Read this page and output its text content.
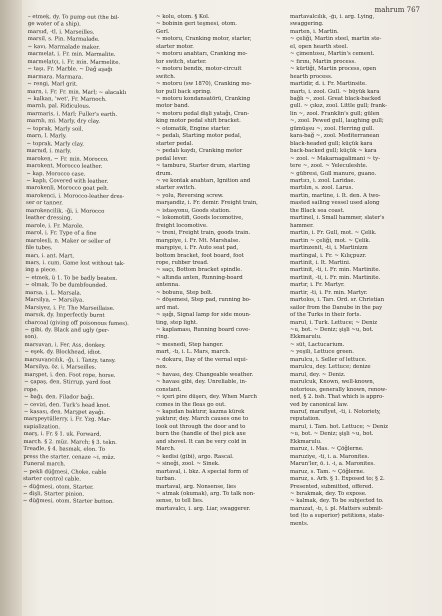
mahrum 767
– etmek, dy. To pump out (the bil-
ge water of a ship).
marsıd, -tl, i. Marseilles.
marsil, s. Pin. Marmalade.
~ kavı, Marmalade maker.
marmelat, i. Fr. min. Marmalite.
marmelatçı, i. Fr. min. Marmelite.
~ taşı, Fr. Marble. ~ Dağ aşağı
marmara. Marmara.
~ rengi, Marl grit.
marn, i. Fr. Fr. min. Marl; ~ alacaklı
~ kalkan, 'wet', Fr. Marnoch.
marnlı, pal. Ridiculous.
marmaris, i. Marl; Fuller's earth.
marnlı, mi. Marly, dry clay.
~ toprak, Marly soil.
marn, l. Marly.
~ toprak, Marly clay.
marnıd, i. marly.
maroken, ~ Fr. min. Morocco.
marokent, Morocco leather.
~ kap, Morocco case.
~ kaplı, Covered with leather.
marokenli, Morocco goat pelt.
marokenci, i. Morocco-leather dres-
ser or tanner.
marokencilik, -ği, i. Morocco
leather dressing.
marole, i. Fr. Marole.
marol, i. Fr. Type of a fine
marolesli, n. Maker or seller of
file tubes.
marı, i. ant. Mart.
mars, i. cum. Game lost without tak-
ing a piece.
~ etmek, ü 1. To be badly beaten.
~ olmak, To be dumbfounded.
marsa, i. L. Marsala.
Marsilya, ~ Marsilya.
Marsiyez, i. Fr. The Marseillaise.
marsık, dy. Imperfectly burnt
charcoal (giving off poisonous fumes).
~ gibi, dy. Black and ugly (per-
son).
marsuvan, i. Fer. Ass, donkey.
~ eşek, dy. Blockhead, idiot.
marsuvancılık, -ğı, i. Tanzy, tansy.
Marsilya, öz. i. Marseilles.
marşpet, i. den. Foot rope, horse.
~ çapaş, den. Stirrup, yard foot
rope.
~ bağı, den. Filador bağı.
~ cevizi, den. Turk's head knot.
~ kasası, den. Marşpet ayağı.
marşpeytüllerry, i. Fr. Yzg. Mar-
supialization.
marş, i. Fr. § 1. uk. Forward,
march. § 2. müz. March; § 3. tekn.
Treadle, § 4. basmak, elon. To
press the starter. cenaze ~i, müz.
Funeral march.
~ pekli düğmesi, Choke, cable
starter control cable.
~ düğmesi, otom. Starter.
~ dişli, Starter pinion.
~ düğmesi, otom. Starter button.
~ kolu, otom. § Kol.
~ bobinin geri teşmesi, otom.
Gerl.
~ motoru, Cranking motor, starter,
starter motor.
~ motoru anahtarı, Cranking mo-
tor switch, starter.
~ motoru bendix, motor-circuit
switch.
~ motoru (sw 1870), Cranking mo-
tor pull back spring.
~ motoru kondansatörü, Cranking
motor band.
~ motoru pedal dişli yatağı, Cran-
king motor pedal shift bracket.
~ otomatik, Engine starter.
~ pedalı, Starting motor pedal,
starter pedal.
~ pedalı kaydı, Cranking motor
pedal lever.
~ tamburu, Starter drum, starting
drum.
~ ve kontak anahtarı, Ignition and
starter switch.
~ yolu, Reversing screw.
marşandiz, i. Fr. demir. Freight train,
~ istasyonu, Goods station.
~ lokomotifi, Goods locomotive,
freight locomotive.
~ treni, Freight train, goods train.
marşpiye, i. Fr. Mt. Marshalse.
marşpiye, i. Fr. Auto seat pad,
bottom bracket, foot board, foot
rope, rubber tread.
~ saçı, Bottom bracket spindle.
~ altında anten, Running-board
antenna.
~ bobunu, Step bolt.
~ döşemesi, Step pad, running bo-
ard mat.
~ ışığı, Signal lamp for side moun-
ting, step light.
~ kaplaması, Running board cove-
ring.
~ mesnedi, Step hanger.
mart, -tı, i. L. Mars, march.
~ dokuru, Day of the vernal equi-
nox.
~ havası, dey. Changeable weather.
~ havası gibi, dey. Unreliable, in-
constant.
~ içeri pire düşerı, dey. When March
comes in the fleas go out.
~ kapıdan baktırır, kazma kürek
yaktırır, dey. March causes one to
look out through the door and to
burn the (handle of the) pick axe
and shovel. It can be very cold in
March.
~ kedisi (gibi), argo. Rascal.
~ sineği, zool. ~ Sinek.
martaval, i. bkz. A special form of
turban.
martaval, arg. Nonsense, lies
~ atmak (okumak), arg. To talk non-
sense, to tell lies.
martavalcı, i. arg. Liar, swaggerer.
martavalcılık, -ğı, i. arg. Lying,
swaggering.
marten, i. Martin.
~ çeliği, Martin steel, martin ste-
el, open hearth steel.
~ çimentosu, Martin's cement.
~ fırını, Martin process.
~ kürtiği, Martin process, open
hearth process.
martidir, d. i. Fr. Martinsite.
martı, i. zool. Gull. ~ büyük kara
bağlı ~, zool. Great black-backed
gull. ~ çıkız, zool. Little gull; frank-
lin ~, zool. Franklin's gull; gülen
~, zool. Pewed gull, laughing gull;
gümüşsu ~, zool. Herring gull.
kara-bağ ~, zool. Mediterranean
black-headed gull; küçük kara
back-backed gull; küçük ~ kara
~ zool. ~ Makarnagalimani ~ ty-
tere ~, zool. ~ Yeleculeshte.
~ gübresi, Gull manure, guano.
martıcı, i. zool. Laridae.
martılın, s. zool. Larus.
martin, martine, i. It. den. A two-
masted sailing vessel used along
the Black sea coast.
martinel, i. Small hammer, slater's
hammer.
martin, i. Fr. Gull, mot. ~ Çelik.
martin ~ çeliği, mot. ~ Çelik.
martinzenit, -ti, i. Martinizm
martingal, i. Fr. ~ Kılıçpuzr.
martinit, i. It. Martini.
martinit, -ti, i. Fr. min. Martinite.
martinit, -ti, i. Fr. min. Martinite.
martır, i. Fr. Martyr.
martir, -ti, i. Fr. min. Martyr.
martolos, i. Tarı. Ord. sr. Christian
sailor from the Danube in the pay
of the Turks in their forts.
marul, i. Turk. Lettuce; ~ Deniz
~u, bot. ~ Deniz; şişli ~u, bot.
Ekkmarulu.
~ süt, Lactucarium.
~ yeşili, Lettuce green.
marulcu, i. Seller of lettuce.
marulcu, dey. Lettuce; denize
marul, dey. ~ Deniz.
marulcuk, Known, well-known,
notorious, generally known, renow-
ned, § 2. bsh. That which is appro-
ved by canonical law.
maruf, maruflyet, -ti, i. Notoriety,
reputation.
marul, i. Tam. bot. Lettuce; ~ Deniz
~u, bot. ~ Deniz; şişli ~u, bot.
Ekkmarulu.
maruz, i. Mas. ~ Çöğlerne.
maruziye, -ti, i. a. Maronites.
Marun'ler, ö. i. -i, a. Maronites.
maruz, s. Tam. ~ Çöğlerne.
maruz, s. Arb. § 1. Exposed to; § 2.
Presented, submitted, offered.
~ bırakmak, dey. To expose.
~ kalmak, dey. To be subjected to.
maruzat, -tı, i. pl. Matters submit-
ted (to a superior) petitions, state-
ments.
